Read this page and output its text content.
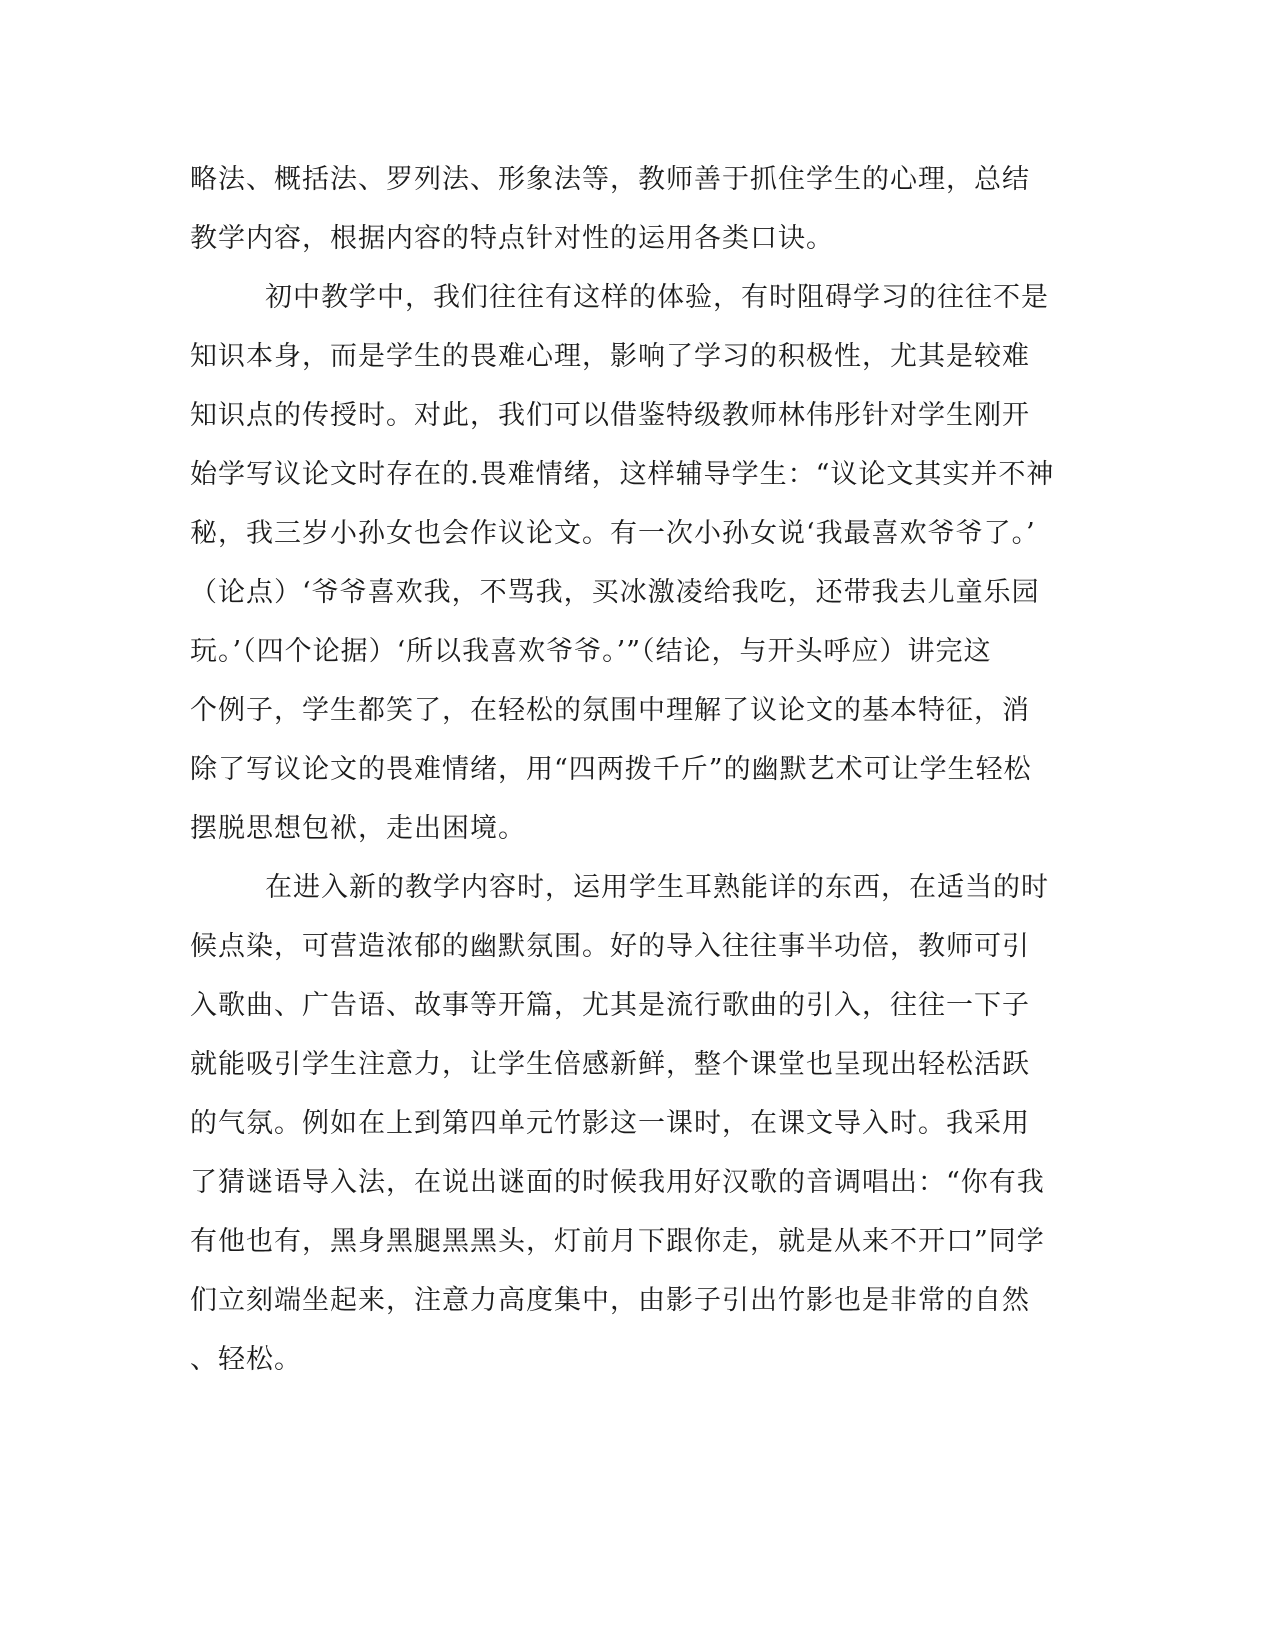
略法、概括法、罗列法、形象法等，教师善于抓住学生的心理，总结
教学内容，根据内容的特点针对性的运用各类口诀。
初中教学中，我们往往有这样的体验，有时阻碍学习的往往不是
知识本身，而是学生的畏难心理，影响了学习的积极性，尤其是较难
知识点的传授时。对此，我们可以借鉴特级教师林伟彤针对学生刚开
始学写议论文时存在的.畏难情绪，这样辅导学生：“议论文其实并不神
秘，我三岁小孙女也会作议论文。有一次小孙女说‘我最喜欢爷爷了。’
（论点）‘爷爷喜欢我，不骂我，买冰激凌给我吃，还带我去儿童乐园
玩。’（四个论据）‘所以我喜欢爷爷。’”（结论，与开头呼应）讲完这
个例子，学生都笑了，在轻松的氛围中理解了议论文的基本特征，消
除了写议论文的畏难情绪，用“四两拨千斤”的幽默艺术可让学生轻松
摆脱思想包袱，走出困境。
在进入新的教学内容时，运用学生耳熟能详的东西，在适当的时
候点染，可营造浓郁的幽默氛围。好的导入往往事半功倍，教师可引
入歌曲、广告语、故事等开篇，尤其是流行歌曲的引入，往往一下子
就能吸引学生注意力，让学生倍感新鲜，整个课堂也呈现出轻松活跃
的气氛。例如在上到第四单元竹影这一课时，在课文导入时。我采用
了猜谜语导入法，在说出谜面的时候我用好汉歌的音调唱出：“你有我
有他也有，黑身黑腿黑黑头，灯前月下跟你走，就是从来不开口”同学
们立刻端坐起来，注意力高度集中，由影子引出竹影也是非常的自然
、轻松。
